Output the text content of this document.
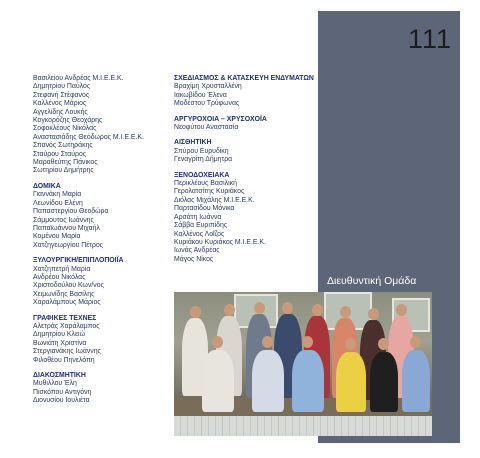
111
Διευθυντική Ομάδα
Βασιλείου Ανδρέας Μ.Ι.Ε.Ε.Κ.
Δημητρίου Παύλος
Στεφανή Στέφανος
Καλλένος Μάριος
Αγγελίδης Λουκής
Κογκορόζης Θεοχάρης
Σοφοκλέους Νικόλας
Αναστασιάδης Θεόδωρος Μ.Ι.Ε.Ε.Κ.
Σπανός Σωτηράκης
Σταύρου Σταύρος
Μαραθεύτης Πάνικος
Σωτηρίου Δημήτρης
ΔΟΜΙΚΑ
Γιαννάκη Μαρία
Λεωνίδου Ελένη
Παπαστεργίου Θεοδώρα
Σάμμουτος Ιωάννης
Παπαϊωάννου Μιχαήλ
Κομένου Μαρία
Χατζηγεωργίου Πέτρος
ΞΥΛΟΥΡΓΙΚΗ/ΕΠΙΠΛΟΠΟΙΪΑ
Χατζηπετρή Μαρία
Ανδρέου Νικόλας
Χριστοδούλου Κων/νος
Χειμωνίδης Βασίλης
Χαραλάμπους Μάριος
ΓΡΑΦΙΚΕΣ ΤΕΧΝΕΣ
Αλετράς Χαράλαμπος
Δημητρίου Κλειώ
Βωνιάτη Χριστίνα
Στεργιανάκης Ιωάννης
Φιλοθέου Πηνελόπη
ΔΙΑΚΟΣΜΗΤΙΚΗ
Μυθιλλου Έλη
Πισκόπου Αντιγόνη
Διονυσίου Ιουλιέτα
ΣΧΕΔΙΑΣΜΟΣ & ΚΑΤΑΣΚΕΥΗ ΕΝΔΥΜΑΤΩΝ
Βραχίμη Χρυσταλλένη
Ιακωβίδου Έλενα
Μοδέστου Τρύφωνας
ΑΡΓΥΡΟΧΟΙΑ – ΧΡΥΣΟΧΟΪΑ
Νεοφύτου Αναστασία
ΑΙΣΘΗΤΙΚΗ
Σπύρου Ευρυδίκη
Γεναγρίτη Δήμητρα
ΞΕΝΟΔΟΧΕΙΑΚΑ
Περικλέους Βασιλική
Γερολατσίτης Κυριάκος
Διόλας Μιχάλης Μ.Ι.Ε.Ε.Κ.
Παρτασίδου Μόνικα
Αρσάτη Ιωάννα
Σάββα Ευριπίδης
Καλλένος Λοΐζος
Κυριάκου Κυριάκος Μ.Ι.Ε.Ε.Κ.
Ιωνάς Ανδρέας
Μάγος Νίκος
